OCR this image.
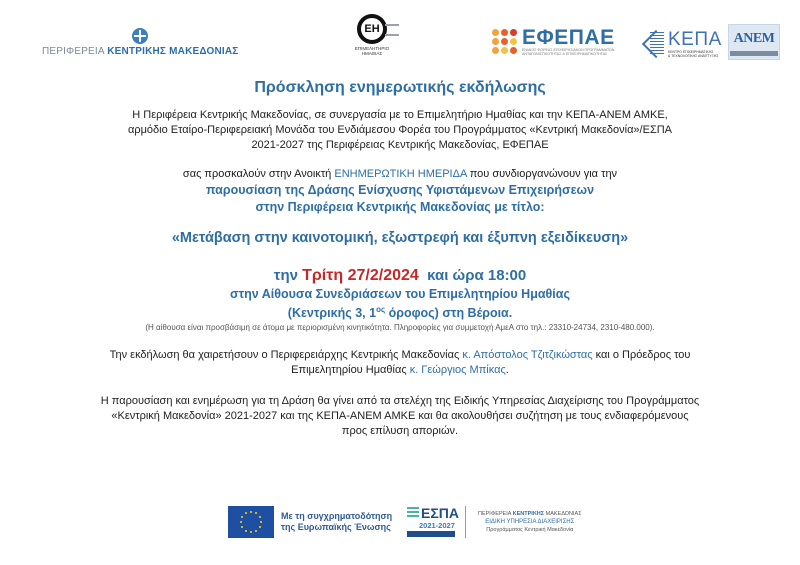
ΠΕΡΙΦΕΡΕΙΑ ΚΕΝΤΡΙΚΗΣ ΜΑΚΕΔΟΝΙΑΣ
ΕΗ
ΕΠΙΜΕΛΗΤΗΡΙΟ ΗΜΑΘΙΑΣ
ΕΦΕΠΑΕ
ΕΝΙΑΙΟΣ ΦΟΡΕΑΣ ΕΠΙΧΕΙΡΗΣΙΑΚΩΝ ΠΡΟΓΡΑΜΜΑΤΩΝ
ΑΝΤΑΓΩΝΙΣΤΙΚΟΤΗΤΑΣ & ΕΠΙΧΕΙΡΗΜΑΤΙΚΟΤΗΤΑΣ
ΚΕΠΑ
ΚΕΝΤΡΟ ΕΠΙΧΕΙΡΗΜΑΤΙΚΗΣ
& ΤΕΧΝΟΛΟΓΙΚΗΣ ΑΝΑΠΤΥΞΗΣ
ΑΝΕΜ
Πρόσκληση ενημερωτικής εκδήλωσης
Η Περιφέρεια Κεντρικής Μακεδονίας, σε συνεργασία με το Επιμελητήριο Ημαθίας και την ΚΕΠΑ-ΑΝΕΜ ΑΜΚΕ,
αρμόδιο Εταίρο-Περιφερειακή Μονάδα του Ενδιάμεσου Φορέα του Προγράμματος «Κεντρική Μακεδονία»/ΕΣΠΑ
2021-2027 της Περιφέρειας Κεντρικής Μακεδονίας, ΕΦΕΠΑΕ
σας προσκαλούν στην Ανοικτή ΕΝΗΜΕΡΩΤΙΚΗ ΗΜΕΡΙΔΑ που συνδιοργανώνουν για την
παρουσίαση της Δράσης Ενίσχυσης Υφιστάμενων Επιχειρήσεων
στην Περιφέρεια Κεντρικής Μακεδονίας με τίτλο:
«Μετάβαση στην καινοτομική, εξωστρεφή και έξυπνη εξειδίκευση»
την Τρίτη 27/2/2024  και ώρα 18:00
στην Αίθουσα Συνεδριάσεων του Επιμελητηρίου Ημαθίας
(Κεντρικής 3, $1^{o\varsigma}$ όροφος) στη Βέροια.
(Η αίθουσα είναι προσβάσιμη σε άτομα με περιορισμένη κινητικότητα. Πληροφορίες για συμμετοχή ΑμεΑ στο τηλ.: 23310-24734, 2310-480.000).
Την εκδήλωση θα χαιρετήσουν ο Περιφερειάρχης Κεντρικής Μακεδονίας κ. Απόστολος Τζιτζικώστας και ο Πρόεδρος του
Επιμελητηρίου Ημαθίας κ. Γεώργιος Μπίκας.
Η παρουσίαση και ενημέρωση για τη Δράση θα γίνει από τα στελέχη της Ειδικής Υπηρεσίας Διαχείρισης του Προγράμματος
«Κεντρική Μακεδονία» 2021-2027 και της ΚΕΠΑ-ΑΝΕΜ ΑΜΚΕ και θα ακολουθήσει συζήτηση με τους ενδιαφερόμενους
προς επίλυση αποριών.
Με τη συγχρηματοδότηση
της Ευρωπαϊκής Ένωσης
ΕΣΠΑ
2021-2027
ΠΕΡΙΦΕΡΕΙΑ ΚΕΝΤΡΙΚΗΣ ΜΑΚΕΔΟΝΙΑΣ
ΕΙΔΙΚΗ ΥΠΗΡΕΣΙΑ ΔΙΑΧΕΙΡΙΣΗΣ
Προγράμματος Κεντρική Μακεδονία
